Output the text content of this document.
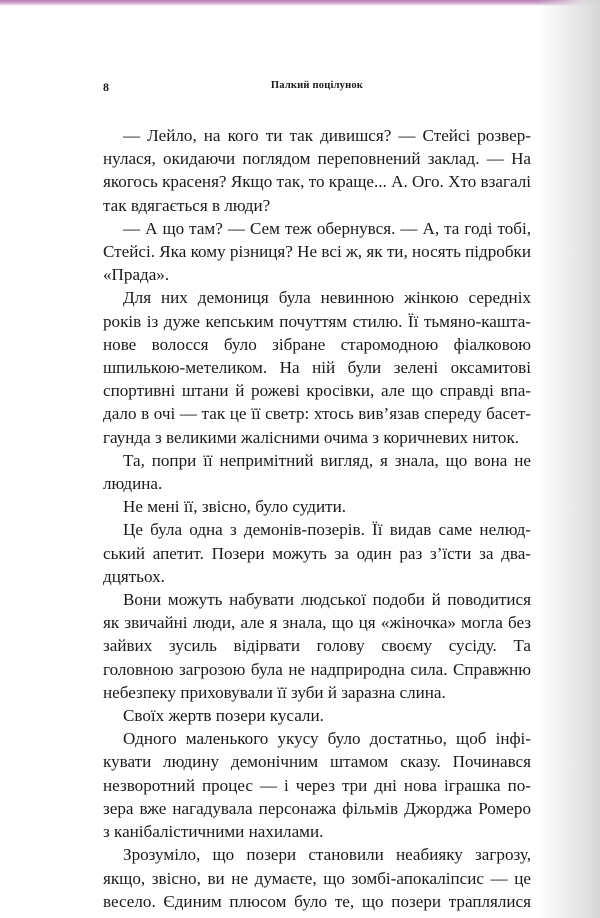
8	Палкий поцілунок

— Лейло, на кого ти так дивишся? — Стейсі розвернулася, окидаючи поглядом переповнений заклад. — На якогось красеня? Якщо так, то краще... А. Ого. Хто взагалі так вдягається в люди?

— А що там? — Сем теж обернувся. — А, та годі тобі, Стейсі. Яка кому різниця? Не всі ж, як ти, носять підробки «Прада».

Для них демониця була невинною жінкою середніх років із дуже кепським почуттям стилю. Її тьмяно-каштанове волосся було зібране старомодною фіалковою шпилькою-метеликом. На ній були зелені оксамитові спортивні штани й рожеві кросівки, але що справді впадало в очі — так це її светр: хтось вив’язав спереду басет-гаунда з великими жалісними очима з коричневих ниток.

Та, попри її непримітний вигляд, я знала, що вона не людина.

Не мені її, звісно, було судити.

Це була одна з демонів-позерів. Її видав саме нелюдський апетит. Позери можуть за один раз з’їсти за двадцятьох.

Вони можуть набувати людської подоби й поводитися як звичайні люди, але я знала, що ця «жіночка» могла без зайвих зусиль відірвати голову своєму сусіду. Та головною загрозою була не надприродна сила. Справжню небезпеку приховували її зуби й заразна слина.

Своїх жертв позери кусали.

Одного маленького укусу було достатньо, щоб інфікувати людину демонічним штамом сказу. Починався незворотний процес — і через три дні нова іграшка позера вже нагадувала персонажа фільмів Джорджа Ромеро з канібалістичними нахилами.

Зрозуміло, що позери становили неабияку загрозу, якщо, звісно, ви не думаєте, що зомбі-апокаліпсис — це весело. Єдиним плюсом було те, що позери траплялися
